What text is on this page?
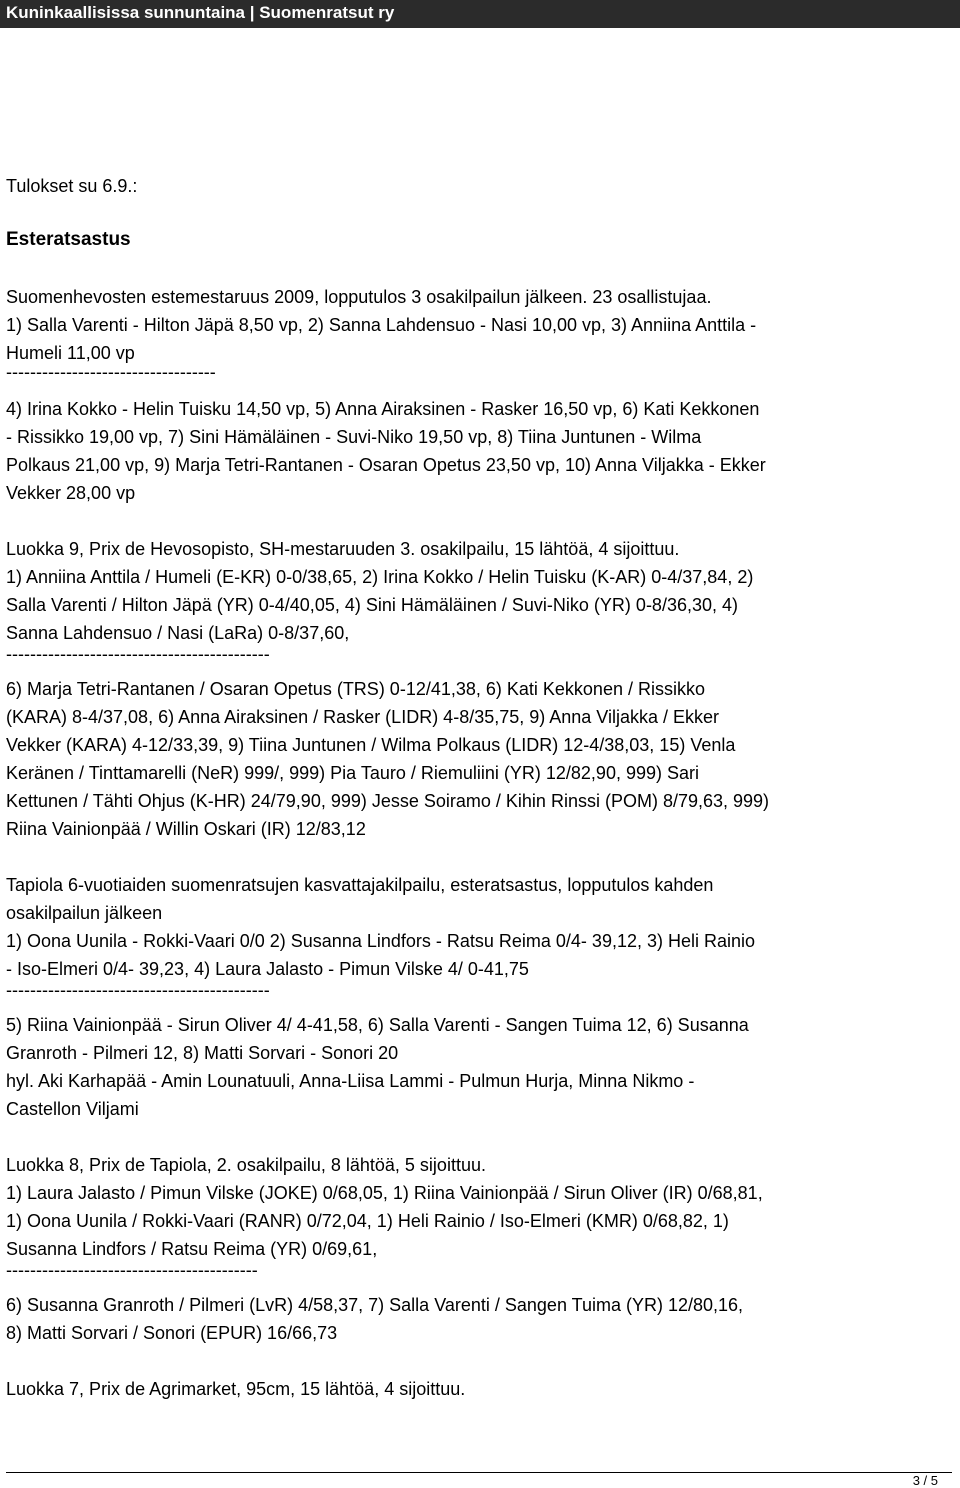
Kuninkaallisissa sunnuntaina | Suomenratsut ry
Tulokset su 6.9.:
Esteratsastus
Suomenhevosten estemestaruus 2009, lopputulos 3 osakilpailun jälkeen. 23 osallistujaa.
1) Salla Varenti - Hilton Jäpä 8,50 vp, 2) Sanna Lahdensuo - Nasi 10,00 vp, 3) Anniina Anttila -
Humeli 11,00 vp
-----------------------------------
4) Irina Kokko - Helin Tuisku 14,50 vp, 5) Anna Airaksinen - Rasker 16,50 vp, 6) Kati Kekkonen
- Rissikko 19,00 vp, 7) Sini Hämäläinen - Suvi-Niko 19,50 vp, 8) Tiina Juntunen - Wilma
Polkaus 21,00 vp, 9) Marja Tetri-Rantanen - Osaran Opetus 23,50 vp, 10) Anna Viljakka - Ekker
Vekker 28,00 vp
Luokka 9, Prix de Hevosopisto, SH-mestaruuden 3. osakilpailu, 15 lähtöä, 4 sijoittuu.
1) Anniina Anttila / Humeli (E-KR) 0-0/38,65, 2) Irina Kokko / Helin Tuisku (K-AR) 0-4/37,84, 2)
Salla Varenti / Hilton Jäpä (YR) 0-4/40,05, 4) Sini Hämäläinen / Suvi-Niko (YR) 0-8/36,30, 4)
Sanna Lahdensuo / Nasi (LaRa) 0-8/37,60,
--------------------------------------------
6) Marja Tetri-Rantanen / Osaran Opetus (TRS) 0-12/41,38, 6) Kati Kekkonen / Rissikko
(KARA) 8-4/37,08, 6) Anna Airaksinen / Rasker (LIDR) 4-8/35,75, 9) Anna Viljakka / Ekker
Vekker (KARA) 4-12/33,39, 9) Tiina Juntunen / Wilma Polkaus (LIDR) 12-4/38,03, 15) Venla
Keränen / Tinttamarelli (NeR) 999/, 999) Pia Tauro / Riemuliini (YR) 12/82,90, 999) Sari
Kettunen / Tähti Ohjus (K-HR) 24/79,90, 999) Jesse Soiramo / Kihin Rinssi (POM) 8/79,63, 999)
Riina Vainionpää / Willin Oskari (IR) 12/83,12
Tapiola 6-vuotiaiden suomenratsujen kasvattajakilpailu, esteratsastus, lopputulos kahden
osakilpailun jälkeen
1) Oona Uunila - Rokki-Vaari 0/0 2) Susanna Lindfors - Ratsu Reima 0/4- 39,12, 3) Heli Rainio
- Iso-Elmeri 0/4- 39,23, 4) Laura Jalasto - Pimun Vilske 4/ 0-41,75
--------------------------------------------
5) Riina Vainionpää - Sirun Oliver 4/ 4-41,58, 6) Salla Varenti - Sangen Tuima 12, 6) Susanna
Granroth - Pilmeri 12, 8) Matti Sorvari - Sonori 20
hyl. Aki Karhapää - Amin Lounatuuli, Anna-Liisa Lammi - Pulmun Hurja, Minna Nikmo -
Castellon Viljami
Luokka 8, Prix de Tapiola, 2. osakilpailu, 8 lähtöä, 5 sijoittuu.
1) Laura Jalasto / Pimun Vilske (JOKE) 0/68,05, 1) Riina Vainionpää / Sirun Oliver (IR) 0/68,81,
1) Oona Uunila / Rokki-Vaari (RANR) 0/72,04, 1) Heli Rainio / Iso-Elmeri (KMR) 0/68,82, 1)
Susanna Lindfors / Ratsu Reima (YR) 0/69,61,
------------------------------------------
6) Susanna Granroth / Pilmeri (LvR) 4/58,37, 7) Salla Varenti / Sangen Tuima (YR) 12/80,16,
8) Matti Sorvari / Sonori (EPUR) 16/66,73
Luokka 7, Prix de Agrimarket, 95cm, 15 lähtöä, 4 sijoittuu.
3 / 5
